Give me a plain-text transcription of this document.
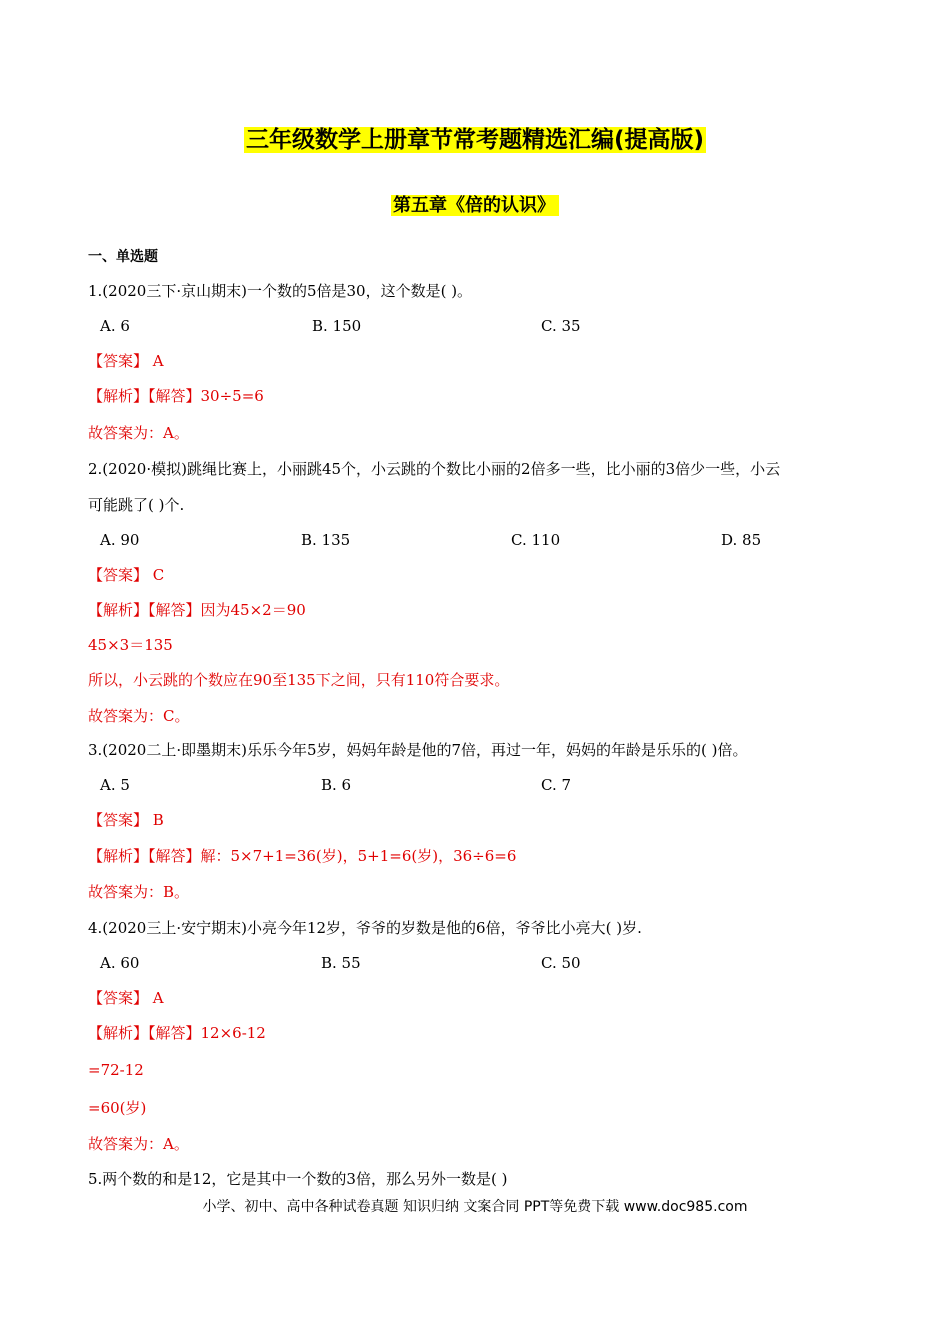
三年级数学上册章节常考题精选汇编(提高版)
第五章《倍的认识》
一、单选题
1.(2020三下·京山期末)一个数的5倍是30，这个数是( )。
A. 6	B. 150	C. 35
【答案】 A
【解析】【解答】30÷5=6
故答案为：A。
2.(2020·模拟)跳绳比赛上，小丽跳45个，小云跳的个数比小丽的2倍多一些，比小丽的3倍少一些，小云
可能跳了( )个.
A. 90	B. 135	C. 110	D. 85
【答案】 C
【解析】【解答】因为45×2＝90
45×3＝135
所以，小云跳的个数应在90至135下之间，只有110符合要求。
故答案为：C。
3.(2020二上·即墨期末)乐乐今年5岁，妈妈年龄是他的7倍，再过一年，妈妈的年龄是乐乐的( )倍。
A. 5	B. 6	C. 7
【答案】 B
【解析】【解答】解：5×7+1=36(岁)，5+1=6(岁)，36÷6=6
故答案为：B。
4.(2020三上·安宁期末)小亮今年12岁，爷爷的岁数是他的6倍，爷爷比小亮大( )岁.
A. 60	B. 55	C. 50
【答案】 A
【解析】【解答】12×6-12
=72-12
=60(岁)
故答案为：A。
5.两个数的和是12，它是其中一个数的3倍，那么另外一数是( )
小学、初中、高中各种试卷真题 知识归纳 文案合同 PPT等免费下载 www.doc985.com
